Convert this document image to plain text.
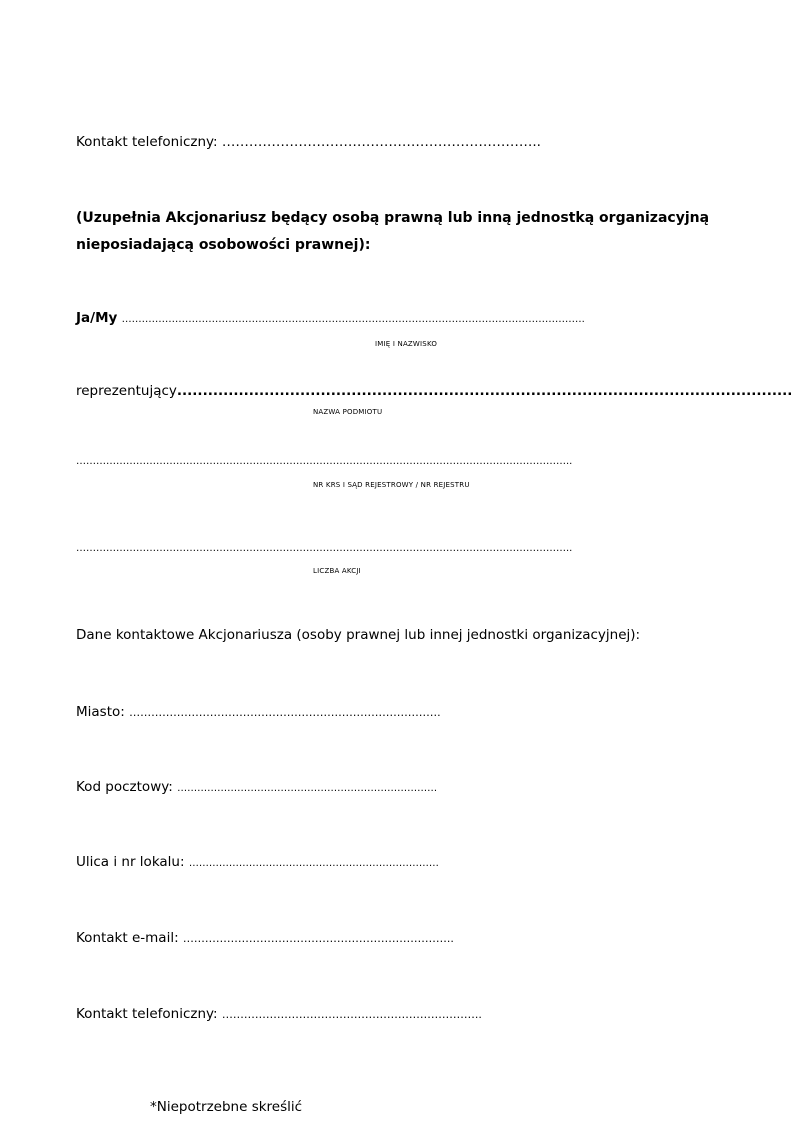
Kontakt telefoniczny: ……………………………………………………………..
(Uzupełnia Akcjonariusz będący osobą prawną lub inną jednostką organizacyjną nieposiadającą osobowości prawnej):
Ja/My ………………………………………………………………………………………………………………………….
IMIĘ I NAZWISKO
reprezentujący........................................................................................................................
NAZWA PODMIOTU
…………………………………………………………………………………………………………………………………..
NR KRS I SĄD REJESTROWY / NR REJESTRU
…………………………………………………………………………………………………………………………………..
LICZBA AKCJI
Dane kontaktowe Akcjonariusza (osoby prawnej lub innej jednostki organizacyjnej):
Miasto: ………………………………………………………………………….
Kod pocztowy: ……………………………………………………………………
Ulica i nr lokalu: …………………………………………………………………
Kontakt e-mail: ………………………………………………………………..
Kontakt telefoniczny: ……………………………………………………………..
*Niepotrzebne skreślić
